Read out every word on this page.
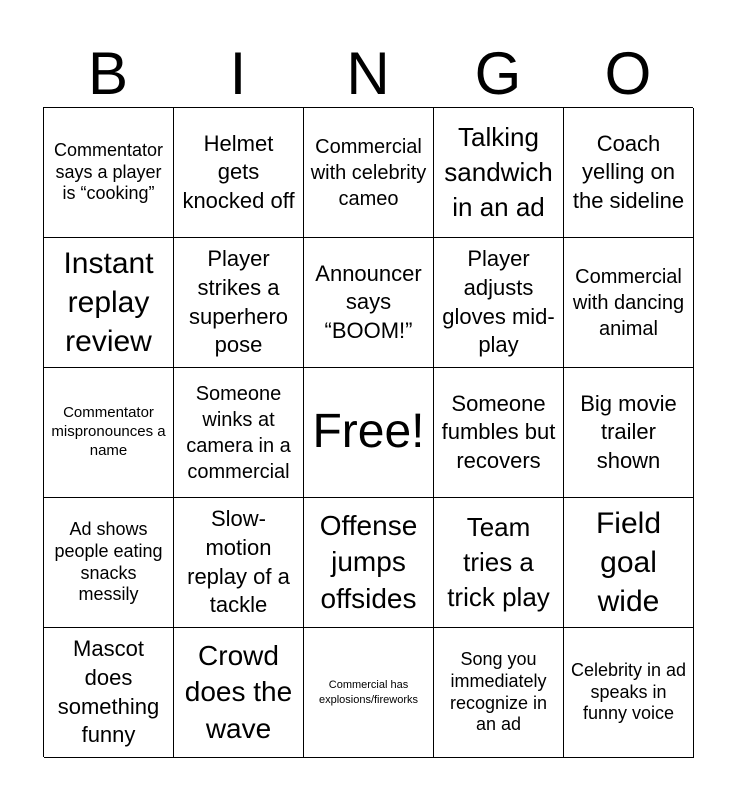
B	I	N	G	O
Commentator says a player is “cooking”
Helmet gets knocked off
Commercial with celebrity cameo
Talking sandwich in an ad
Coach yelling on the sideline
Instant replay review
Player strikes a superhero pose
Announcer says “BOOM!”
Player adjusts gloves mid-play
Commercial with dancing animal
Commentator mispronounces a name
Someone winks at camera in a commercial
Free!
Someone fumbles but recovers
Big movie trailer shown
Ad shows people eating snacks messily
Slow-motion replay of a tackle
Offense jumps offsides
Team tries a trick play
Field goal wide
Mascot does something funny
Crowd does the wave
Commercial has explosions/fireworks
Song you immediately recognize in an ad
Celebrity in ad speaks in funny voice
